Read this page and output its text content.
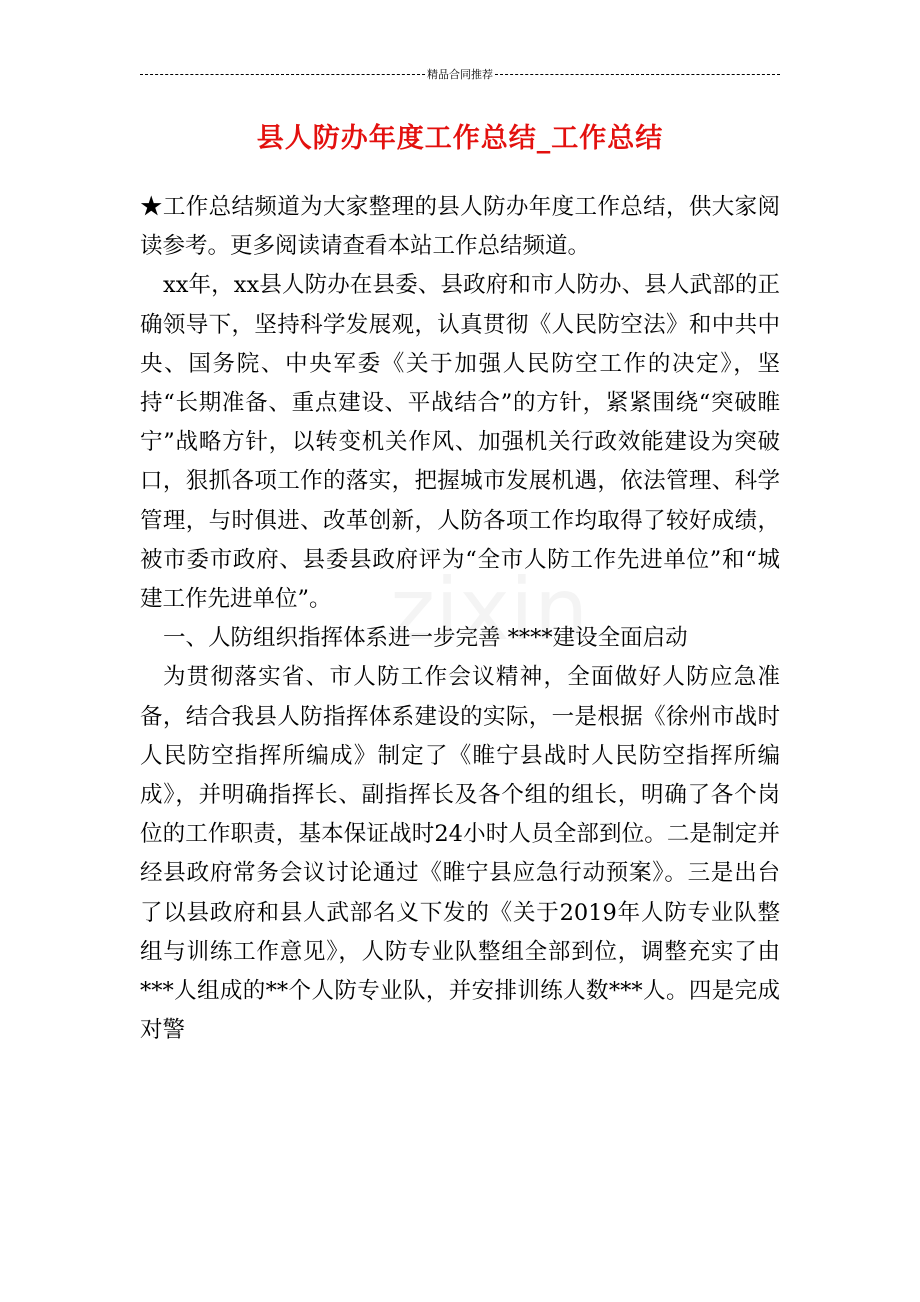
精品合同推荐
县人防办年度工作总结_工作总结

★工作总结频道为大家整理的县人防办年度工作总结，供大家阅读参考。更多阅读请查看本站工作总结频道。

xx年，xx县人防办在县委、县政府和市人防办、县人武部的正确领导下，坚持科学发展观，认真贯彻《人民防空法》和中共中央、国务院、中央军委《关于加强人民防空工作的决定》，坚持“长期准备、重点建设、平战结合”的方针，紧紧围绕“突破睢宁”战略方针，以转变机关作风、加强机关行政效能建设为突破口，狠抓各项工作的落实，把握城市发展机遇，依法管理、科学管理，与时俱进、改革创新，人防各项工作均取得了较好成绩，被市委市政府、县委县政府评为“全市人防工作先进单位”和“城建工作先进单位”。

一、人防组织指挥体系进一步完善 ****建设全面启动

为贯彻落实省、市人防工作会议精神，全面做好人防应急准备，结合我县人防指挥体系建设的实际，一是根据《徐州市战时人民防空指挥所编成》制定了《睢宁县战时人民防空指挥所编成》，并明确指挥长、副指挥长及各个组的组长，明确了各个岗位的工作职责，基本保证战时24小时人员全部到位。二是制定并经县政府常务会议讨论通过《睢宁县应急行动预案》。三是出台了以县政府和县人武部名义下发的《关于2019年人防专业队整组与训练工作意见》，人防专业队整组全部到位，调整充实了由***人组成的**个人防专业队，并安排训练人数***人。四是完成对警
